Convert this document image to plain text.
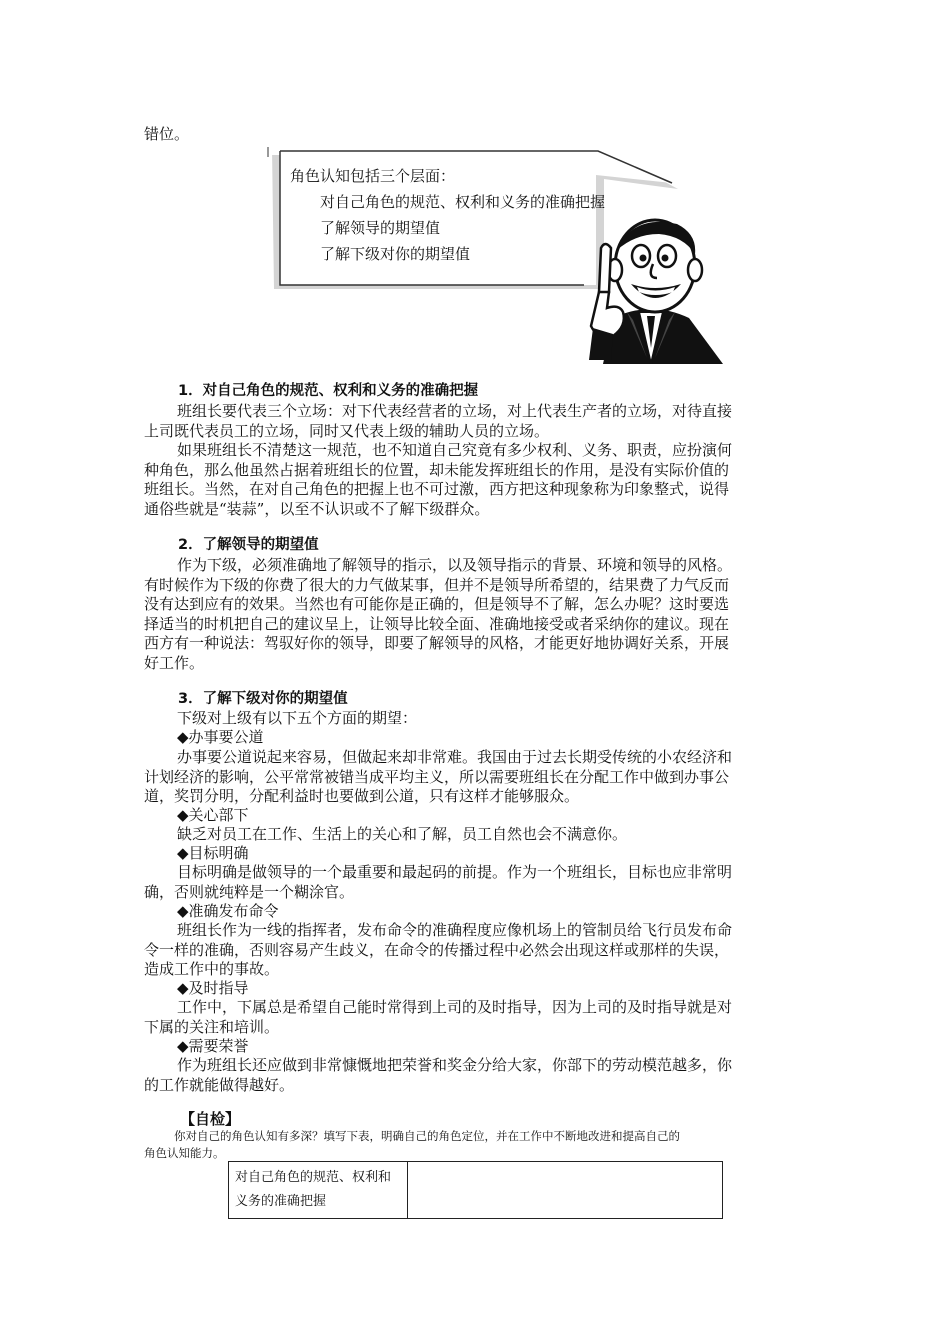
错位。

角色认知包括三个层面：
对自己角色的规范、权利和义务的准确把握
了解领导的期望值
了解下级对你的期望值
1．对自己角色的规范、权利和义务的准确把握

班组长要代表三个立场：对下代表经营者的立场，对上代表生产者的立场，对待直接
上司既代表员工的立场，同时又代表上级的辅助人员的立场。

如果班组长不清楚这一规范，也不知道自己究竟有多少权利、义务、职责，应扮演何
种角色，那么他虽然占据着班组长的位置，却未能发挥班组长的作用，是没有实际价值的
班组长。当然，在对自己角色的把握上也不可过激，西方把这种现象称为印象整式，说得
通俗些就是“装蒜”，以至不认识或不了解下级群众。

2．了解领导的期望值

作为下级，必须准确地了解领导的指示，以及领导指示的背景、环境和领导的风格。
有时候作为下级的你费了很大的力气做某事，但并不是领导所希望的，结果费了力气反而
没有达到应有的效果。当然也有可能你是正确的，但是领导不了解，怎么办呢？这时要选
择适当的时机把自己的建议呈上，让领导比较全面、准确地接受或者采纳你的建议。现在
西方有一种说法：驾驭好你的领导，即要了解领导的风格，才能更好地协调好关系，开展
好工作。

3．了解下级对你的期望值

下级对上级有以下五个方面的期望：

◆办事要公道

办事要公道说起来容易，但做起来却非常难。我国由于过去长期受传统的小农经济和
计划经济的影响，公平常常被错当成平均主义，所以需要班组长在分配工作中做到办事公
道，奖罚分明，分配利益时也要做到公道，只有这样才能够服众。

◆关心部下

缺乏对员工在工作、生活上的关心和了解，员工自然也会不满意你。

◆目标明确

目标明确是做领导的一个最重要和最起码的前提。作为一个班组长，目标也应非常明
确，否则就纯粹是一个糊涂官。

◆准确发布命令

班组长作为一线的指挥者，发布命令的准确程度应像机场上的管制员给飞行员发布命
令一样的准确，否则容易产生歧义，在命令的传播过程中必然会出现这样或那样的失误，
造成工作中的事故。

◆及时指导

工作中，下属总是希望自己能时常得到上司的及时指导，因为上司的及时指导就是对
下属的关注和培训。

◆需要荣誉

作为班组长还应做到非常慷慨地把荣誉和奖金分给大家，你部下的劳动模范越多，你
的工作就能做得越好。

【自检】
你对自己的角色认知有多深？填写下表，明确自己的角色定位，并在工作中不断地改进和提高自己的
角色认知能力。
对自己角色的规范、权利和义务的准确把握	
